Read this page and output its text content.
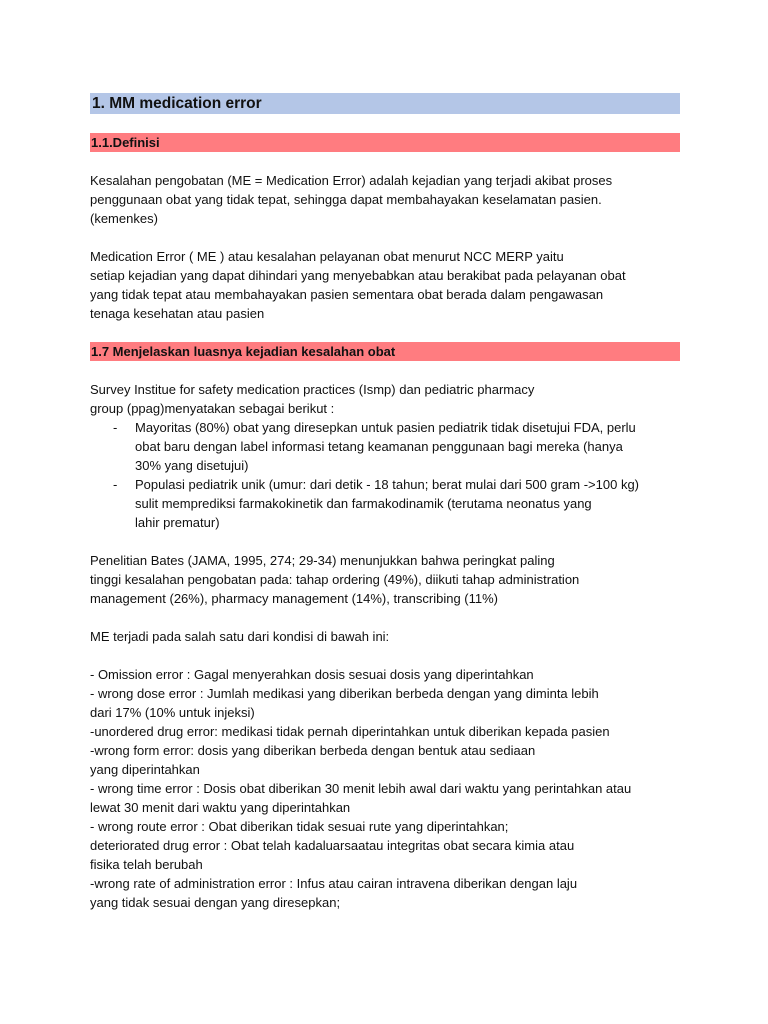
1. MM medication error
1.1.Definisi
Kesalahan pengobatan (ME = Medication Error) adalah kejadian yang terjadi akibat proses
penggunaan obat yang tidak tepat, sehingga dapat membahayakan keselamatan pasien.
(kemenkes)
Medication Error ( ME ) atau kesalahan pelayanan obat menurut NCC MERP yaitu
setiap kejadian yang dapat dihindari yang menyebabkan atau berakibat pada pelayanan obat
yang tidak tepat atau membahayakan pasien sementara obat berada dalam pengawasan
tenaga kesehatan atau pasien
1.7 Menjelaskan luasnya kejadian kesalahan obat
Survey Institue for safety medication practices (Ismp) dan pediatric pharmacy
group (ppag)menyatakan sebagai berikut :
- Mayoritas (80%) obat yang diresepkan untuk pasien pediatrik tidak disetujui FDA, perlu
obat baru dengan label informasi tetang keamanan penggunaan bagi mereka (hanya
30% yang disetujui)
- Populasi pediatrik unik (umur: dari detik - 18 tahun; berat mulai dari 500 gram ->100 kg)
sulit memprediksi farmakokinetik dan farmakodinamik (terutama neonatus yang
lahir prematur)
Penelitian Bates (JAMA, 1995, 274; 29-34) menunjukkan bahwa peringkat paling
tinggi kesalahan pengobatan pada: tahap ordering (49%), diikuti tahap administration
management (26%), pharmacy management (14%), transcribing (11%)
ME terjadi pada salah satu dari kondisi di bawah ini:
- Omission error : Gagal menyerahkan dosis sesuai dosis yang diperintahkan
- wrong dose error : Jumlah medikasi yang diberikan berbeda dengan yang diminta lebih
dari 17% (10% untuk injeksi)
-unordered drug error: medikasi tidak pernah diperintahkan untuk diberikan kepada pasien
-wrong form error: dosis yang diberikan berbeda dengan bentuk atau sediaan
yang diperintahkan
- wrong time error : Dosis obat diberikan 30 menit lebih awal dari waktu yang perintahkan atau
lewat 30 menit dari waktu yang diperintahkan
- wrong route error : Obat diberikan tidak sesuai rute yang diperintahkan;
deteriorated drug error : Obat telah kadaluarsaatau integritas obat secara kimia atau
fisika telah berubah
-wrong rate of administration error : Infus atau cairan intravena diberikan dengan laju
yang tidak sesuai dengan yang diresepkan;
